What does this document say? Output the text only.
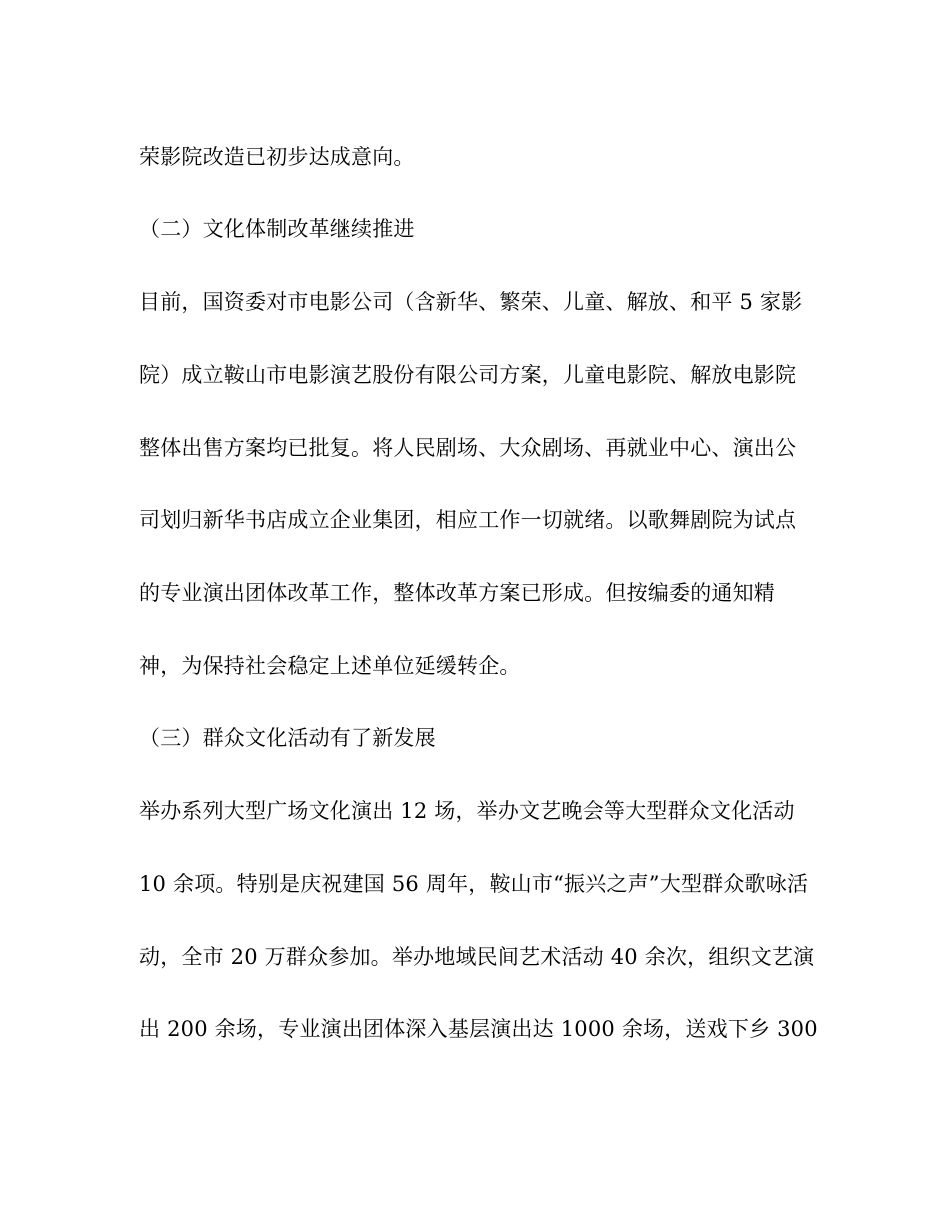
荣影院改造已初步达成意向。
（二）文化体制改革继续推进
目前，国资委对市电影公司（含新华、繁荣、儿童、解放、和平 5 家影
院）成立鞍山市电影演艺股份有限公司方案，儿童电影院、解放电影院
整体出售方案均已批复。将人民剧场、大众剧场、再就业中心、演出公
司划归新华书店成立企业集团，相应工作一切就绪。以歌舞剧院为试点
的专业演出团体改革工作，整体改革方案已形成。但按编委的通知精
神，为保持社会稳定上述单位延缓转企。
（三）群众文化活动有了新发展
举办系列大型广场文化演出 12 场，举办文艺晚会等大型群众文化活动
10 余项。特别是庆祝建国 56 周年，鞍山市“振兴之声”大型群众歌咏活
动，全市 20 万群众参加。举办地域民间艺术活动 40 余次，组织文艺演
出 200 余场，专业演出团体深入基层演出达 1000 余场，送戏下乡 300
